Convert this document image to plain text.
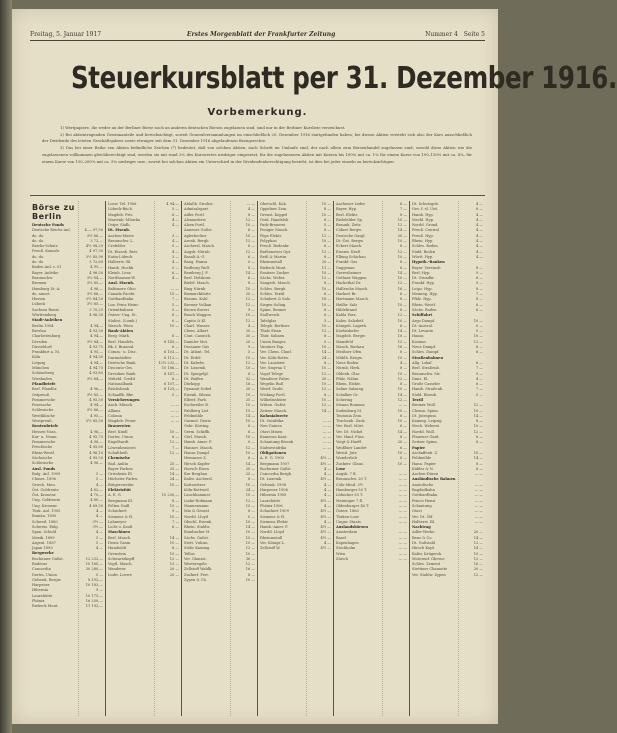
Freitag, 5. Januar 1917	Erstes Morgenblatt der Frankfurter Zeitung	Nummer 4 Seite 5
Steuerkursblatt per 31. Dezember 1916.
Vorbemerkung.

1) Wertpapiere, die weder an der Berliner Börse noch an anderen deutschen Börsen zugelassen sind, sind nur in der Berliner Kursliste verzeichnet.

2) Bei aktientragenden Gewinnanteile und berücksichtigt, soweit Generalversammlungen im einschließlich 20. Dezember 1916 stattgefunden haben; bei diesen Aktien versteht sich also der Kurs ausschließlich der Dividende des letzten Geschäftsjahres sowie etwaiger seit dem 31. Dezember 1916 abgelaufenen Bezugsrechte.

3) Das bei einer Reihe von Aktien befindliche Zeichen (*) bedeutet, daß von solchen Aktien, nach Schritt im Umlaufe sind, der nach allein zum Börsenhandel zugelassen sind; sowohl diese Aktien wie die zugelassenen vollkommen gleichberechtigt sind, werden sie mit rund 2% des Kurswertes niedriger eingesetzt; für die zugelassenen Aktien mit Kursen bis 100% mit ca. 1% für einem Kurse von 100–150% mit ca. 4%, für einem Kurse von 150–200% mit ca. 5% niedriger usw.; soweit bei solchen Aktien ein Unterschied in der Dividendenberechtigung besteht, ist dies bei jeder einzeln zu berücksichtigen.

Börse zu Berlin
Deutsche Fonds
Deutsche Reichs-Anl.	4.— 97,50
do. do.	3½ 86,—
do. do.	3 72,—
Reichs-Schatz	4½ 98,20
Preuß. Konsols	4 97,30
do. do.	3½ 85,90
do. do.	3 72,60
Baden Anl. v. 01	4 95,—
Bayer. Anleihe	4 96,50
Braunschw.	3½ 84,—
Bremen	3½ 85,—
Hamburg St.-A.	4 96,—
do. amort.	3½ 86,—
Hessen	3½ 84,50
Lübeck	3½ 85,—
Sachsen Rente	3 70,25
Württemberg	4 96,30
Stadt-Anleihen
Berlin 1904	4 94,—
Breslau	4 93,50
Charlottenburg	4 94,—
Dresden	3½ 84,—
Düsseldorf	4 93,75
Frankfurt a. M.	4 95,—
Köln	4 94,50
Leipzig	4 94,—
München	4 94,75
Schöneberg	4 93,80
Wiesbaden	3½ 84,—
Pfandbriefe
Berl. Pfandbr.	4 96,—
Ostpreuß.	3½ 85,—
Pommersche	4 95,50
Posensche	4 94,—
Schlesische	3½ 86,—
Westfälische	4 95,—
Westpreuß.	3½ 85,50
Rentenbriefe
Hessen-Nass.	4 96,—
Kur- u. Neum.	4 95,75
Pommersche	4 96,—
Preußische	4 95,80
Rhein-Westf.	4 96,10
Sächsische	4 95,50
Schlesische	4 96,—
Ausl. Fonds
Bulg. Anl. 1909	5 —
Chines. 1896	5 —
Griech. Mon.	4 —
Öst. Goldrente	4 82,—
Öst. Kronenr.	4 70,—
Ung. Goldrente	4 80,—
Ung. Kronenr.	4 69,50
Türk. Anl. 1905	4 —
Rumän. 1890	4 —
Schwed. 1880	3½ —
Schweiz. Eidg.	3½ —
Span. Schuld	4 —
Mexik. 1899	5 —
Argent. 1887	5 —
Japan 1899	4 —
Bergwerke
Bochumer Gußst.	12 232,—
Buderus	10 160,—
Concordia	20 280,—
Dortm. Union	0 —
Gelsenk. Bergw.	8 192,—
Harpener	10 183,—
Hibernia	9 —
Laurahütte	10 175,—
Phönix	16 250,—
Riebeck Mont.	11 192,—
Loew. Tel. 1906	4 94,—
Lübeck-Büch.	5 —
Magdeb. Priv.	6 —
Marienb.-Mlawka	4 —
Ostpr. Südb.	4 —
Dt. Eisenb.
Aachen-Mastr.	3 —
Braunschw. L.	4 —
Crefelder	5 —
Dt. Eisenb. Betr.	4 —
Eutin-Lübeck	3 —
Halberst.-Bl.	4 —
Hamb. Hochb.	5 —
Kleinb. Lenz	6 —
Nordhausen-W.	4 —
Ausl. Eisenb.
Baltimore Ohio	— —
Canada Pacific	10 —
Gotthardbahn	7 —
Lux. Prinz Heinr.	5 —
Orientbahnen	5 —
Österr.-Ung. St.	6 —
Südöst. (Lomb.)	0 —
Warsch.-Wien	10 —
Bank-Aktien
Berg.-Märk.	6 —
Berl. Handels.	8 145,—
Bk. f. Brauind.	6 —
Comm.- u. Disc.	6 103,—
Darmstädter	6 112,—
Deutsche Bank	12½ 232,—
Disconto-Ges.	10 186,—
Dresdner Bank	8 147,—
Mitteld. Credit	6 —
Nationalbank	6 107,—
Reichsbank	8 125,—
Schaaffh. Bkv.	5 —
Versicherungen
Aach.-Münch.	— —
Allianz	— —
Colonia	— —
Magdeb. Feuer	— —
Brauereien
Berl. Kindl	10 —
Dortm. Union	8 —
Engelhardt	12 —
Löwenbrauerei	7 —
Schultheiß	12 —
Chemische
Bad. Anilin	25 —
Bayer Farben	25 —
Griesheim El.	14 —
Höchster Farbw.	24 —
Rütgerswerke	10 —
Elektrizität
A. E. G.	10 230,—
Bergmann El.	8 —
Felten Guill.	10 —
Schuckert	9 —
Siemens & H.	10 —
Lahmeyer	7 —
Licht u. Kraft	6 —
Maschinen
Berl. Masch.	14 —
Deutz Gasm.	10 —
Humboldt	8 —
Orenstein	10 —
Schwartzkopff	12 —
Vogtl. Masch.	15 —
Wanderer	20 —
Ludw. Loewe	20 —
Ablaßh. Strohst.	— —
Admiralsgart.	4 —
Adler Portl.	8 —
Alexanderw.	12 —
Alsen Portl.	10 —
Annener Gußst.	6 —
Aplerbecker	10 —
Arenb. Bergb.	12 —
Aschersl. Masch.	6 —
Augsb.-Nürnb.	12 —
Basalt A.-G.	6 —
Baug. Hansa	0 —
Bedburg Woll.	8 —
Bemberg J. P.	14 —
Berl. Holzkont.	6 —
Bielef. Masch.	8 —
Bing Nürnb.	10 —
Bismarckhütte	20 —
Brauns. Kohl.	12 —
Bremer Vulkan	12 —
Brown Boveri	9 —
Busch Waggon	10 —
Capito & Kl.	12 —
Charl. Wasser	4 —
Chem. Albert	20 —
Cont. Caoutch.	30 —
Daimler Mot.	20 —
Dessauer Gas	9 —
Dt. Atlant. Tel.	5 —
Dt. Erdöl	10 —
Dt. Kabelw.	12 —
Dt. Luxemb.	10 —
Dt. Spiegelgl.	8 —
Dt. Waffen	32 —
Dürkopp	16 —
Dynamit Nobel	20 —
Eisenh. Silesia	10 —
Elberf. Farb.	25 —
Eschweiler B.	10 —
Fahlberg List	15 —
Feldmühle	14 —
Gasmot. Deutz	10 —
Gebr. Körting	8 —
Germ. Schiffb.	6 —
Görl. Masch.	10 —
Hamb. Amer. P.	0 —
Hannov. Masch.	12 —
Hansa Dampf.	10 —
Hemmoor Z.	8 —
Hirsch Kupfer	14 —
Hoesch Eisen	20 —
Ilse Bergbau	25 —
Kaliw. Aschersl.	8 —
Kattowitzer	10 —
Köln-Rottweil	24 —
Lauchhammer	10 —
Linke-Hofmann	12 —
Mannesmann	15 —
Mix & Genest	8 —
Nordd. Lloyd	0 —
Obschl. Eisenb.	10 —
Rhein. Stahlw.	14 —
Rombacher H.	10 —
Sächs. Gußst.	15 —
Stett. Vulcan	10 —
Stöhr Kammg.	12 —
Tellus	10 —
Ver. Glanzst.	36 —
Westeregeln	12 —
Zellstoff Waldh.	16 —
Zuckerf. Frst.	8 —
Zypen & Ch.	10 —
Oberschl. Kok.	10 —
Oppelner Zem.	8 —
Orenst. Koppel	10 —
Ostd. Handelsb.	6 —
Park-Brauerei	5 —
Peniger Masch.	8 —
Pöge Elektr.	12 —
Polyphon	10 —
Preuß. Bodenkr.	6 —
Rathenower Opt.	12 —
Reiß & Martin	8 —
Rheinmetall	20 —
Riebeck Mont.	11 —
Rositzer Zucker	10 —
Sächs. Webst.	12 —
Sangerh. Masch.	8 —
Schles. Bergb.	10 —
Schles. Textil	6 —
Schubert & Salz.	18 —
Siegen-Soling.	10 —
Spinn. Renner	8 —
Stollwerck	6 —
Tafelglas	5 —
Teleph. Berliner	10 —
Thale Eisen	12 —
Thür. Salinen	8 —
Union Bauges.	0 —
Varziner Pap.	10 —
Ver. Chem. Charl.	14 —
Ver. Köln-Rottw.	24 —
Ver. Lausitzer	8 —
Ver. Smyrna T.	10 —
Vogel Telegr.	12 —
Wanderer Fahrr.	20 —
Wegelin Ruß	10 —
Westf. Draht	12 —
Wicking Portl.	8 —
Wilhelmshütte	10 —
Witten. Gußst.	12 —
Zeitzer Masch.	14 —
Kolonialwerte
Dt. Ostafrika	— —
Neu-Guinea	— —
Otavi Minen	— —
Kamerun Kaut.	— —
Schantung Eisenb.	— —
Südwestafrika	— —
Obligationen
A. E. G. 1900	4½ —
Bergmann 1907	4½ —
Bochumer Gußst.	4 —
Concordia Bergb.	4 —
Dt. Luxemb.	4½ —
Gelsenk. 1908	4 —
Harpener 1906	4 —
Hibernia 1905	4 —
Laurahütte	4½ —
Phönix 1906	4 —
Schuckert 1909	4½ —
Siemens & H.	4½ —
Siemens Elektr.	4 —
Hamb.-Amer. P.	4½ —
Nordd. Lloyd	4½ —
Rheinmetall	4½ —
Ver. Königs-L.	4 —
Zellstoff W.	4½ —
Aachener Leder	6 —
Bayer. Hyp.	7 —
Berl. Elektr.	8 —
Bielefelder Sp.	10 —
Braunk. Zeitz	12 —
Cölner Bergw.	14 —
Deutsche Gasgl.	20 —
Dt.-Öst. Bergw.	10 —
Eckert Masch.	8 —
Eisenw. Kraft	12 —
Elbing Schichau	10 —
Frankf. Gas	8 —
Gaggenau	6 —
Gerresheimer	14 —
Gothaer Waggon	10 —
Hackethal Dr.	12 —
Hallesche Masch.	16 —
Harkort Br.	6 —
Hartmann Masch.	8 —
Heilbr. Salz	10 —
Hildebrand	8 —
Kahla Porz.	12 —
Kaliw. Salzdetf.	10 —
Königsb. Lagerh.	6 —
Körbisdorfer	14 —
Magdeb. Bergw.	10 —
Mansfeld	12 —
Masch. Buckau	16 —
Meißner Ofen	8 —
Mühlh. Bergw.	10 —
Neue Boden	4 —
Nürnb. Herk.	8 —
Oldenb. Glas	10 —
Pfälz. Nähm.	12 —
Rhein. Elektr.	8 —
Saline Salzung.	10 —
Schalker Gr.	14 —
Schering	12 —
Steaua Romana	— —
Sudenburg M.	10 —
Teutonia Zem.	8 —
Trachenb. Zuck.	10 —
Ver. Berl. Mört.	6 —
Ver. Dt. Nickel	14 —
Ver. Hanf. Füss.	8 —
Voigt & Haeff.	20 —
Weißbier Landré	6 —
Westd. Jute	10 —
Wunderlich	8 —
Zuckerr. Glauz.	10 —
Lose
Augsb. 7 fl.	— —
Braunschw. 20 T.	— —
Cöln-Mind. 3½	— —
Hamburger 50 T.	— —
Lübecker 50 T.	— —
Meininger 7 fl.	— —
Oldenburger 40 T.	— —
Österr. 1860	— —
Türken-Lose	— —
Ungar. Staats	— —
Auslandsbörsen
Amsterdam	— —
Basel	— —
Kopenhagen	— —
Stockholm	— —
Wien	— —
Zürich	— —
Dt. Schutzgeb.	4 —
Ges. f. el. Unt.	8 —
Hamb. Hyp.	4 —
Meckl. Hyp.	4 —
Nordd. Grund.	4 —
Preuß. Central	4 —
Preuß. Hyp.	4 —
Rhein. Hyp.	4 —
Schles. Boden	4 —
Südd. Boden	4 —
Württ. Hyp.	4 —
Hypoth.-Banken
Bayer. Vereinsb.	8 —
Berl. Hyp.	9 —
Dt. Grundkr.	6 —
Frankf. Hyp.	9 —
Leipz. Hyp.	8 —
Meining. Hyp.	7 —
Pfälz. Hyp.	8 —
Rhein.-Westf.	8 —
Sächs. Boden	6 —
Schiffahrt
Argo Dampf.	10 —
Dt.-Austral.	0 —
Dt. Levante	0 —
Hansa	10 —
Kosmos	12 —
Neue Dampf.	6 —
Schles. Dampf.	8 —
Straßenbahnen
Allg. Lokal	6 —
Berl. Straßenb.	7 —
Braunschw. Str.	5 —
Danz. El.	4 —
Große Casseler	6 —
Hamb. Straßenb.	7 —
Südd. Eisenb.	5 —
Textil
Bremer Woll.	12 —
Chemn. Spinn.	10 —
Dt. Jutespinn.	14 —
Kammg. Leipzig	8 —
Mech. Weberei	10 —
Nordd. Woll.	12 —
Plauener Gard.	6 —
Zeitzer Spinn.	8 —
Papier
Aschaffenb. Z.	10 —
Feldmühle	14 —
Hann. Papier	8 —
Kübler & N.	6 —
Aachen-Düren	— —
Ausländische Bahnen
Anatolische	— —
Bagdadbahn	— —
Gotthardbahn	— —
Prince Henri	— —
Schantung	— —
Otavi	— —
Ver. Dt. Ölf.	— —
Halberst. Bl.	— —
Nachtrag
Adler-Werke	20 —
Benz & Co.	14 —
Dt. Gußstahl	12 —
Hirsch Kupf.	14 —
Kaliw. Krügersh.	10 —
Motorenf. Oberur.	12 —
Schles. Zement	16 —
Stettiner Chamotte	20 —
Ver. Stahlw. Zypen	12 —
